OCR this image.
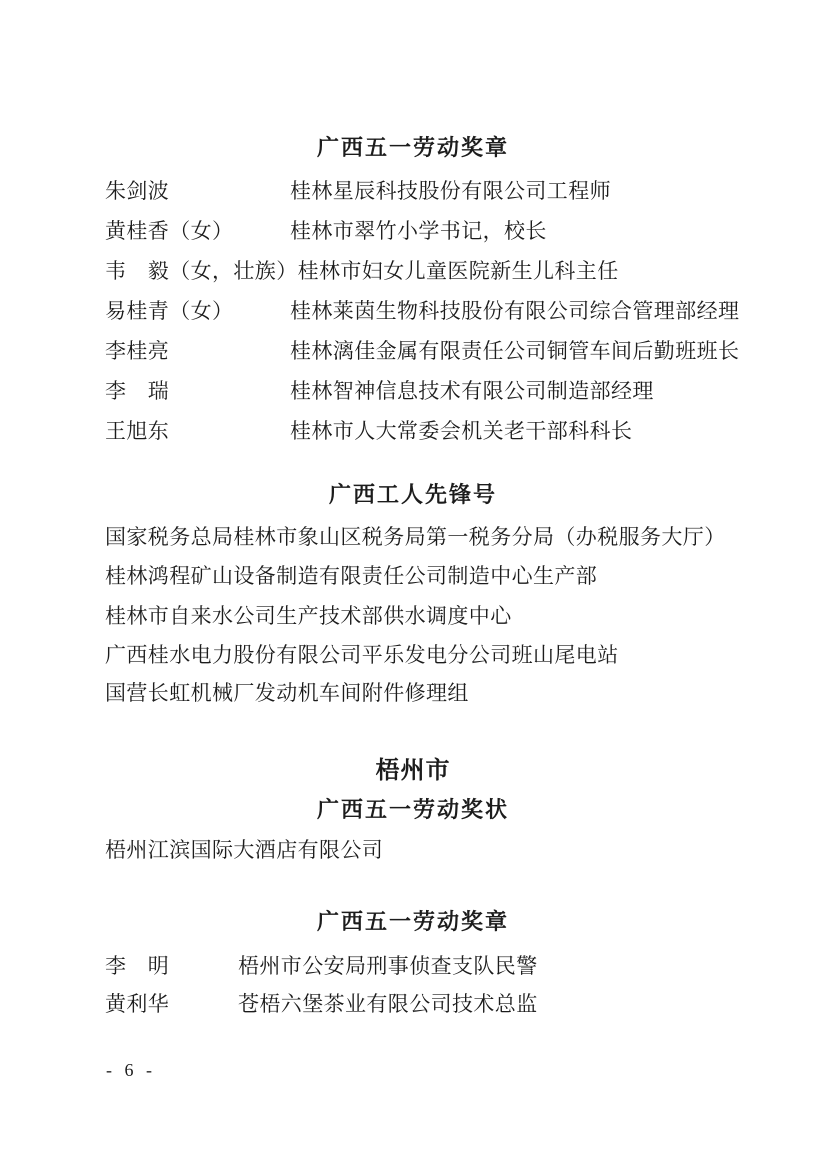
广西五一劳动奖章
朱剑波	桂林星辰科技股份有限公司工程师
黄桂香（女）	桂林市翠竹小学书记，校长
韦　毅（女，壮族）桂林市妇女儿童医院新生儿科主任
易桂青（女）	桂林莱茵生物科技股份有限公司综合管理部经理
李桂亮	桂林漓佳金属有限责任公司铜管车间后勤班班长
李　瑞	桂林智神信息技术有限公司制造部经理
王旭东	桂林市人大常委会机关老干部科科长
广西工人先锋号
国家税务总局桂林市象山区税务局第一税务分局（办税服务大厅）
桂林鸿程矿山设备制造有限责任公司制造中心生产部
桂林市自来水公司生产技术部供水调度中心
广西桂水电力股份有限公司平乐发电分公司班山尾电站
国营长虹机械厂发动机车间附件修理组
梧州市
广西五一劳动奖状
梧州江滨国际大酒店有限公司
广西五一劳动奖章
李　明	梧州市公安局刑事侦查支队民警
黄利华	苍梧六堡茶业有限公司技术总监
- 6 -
